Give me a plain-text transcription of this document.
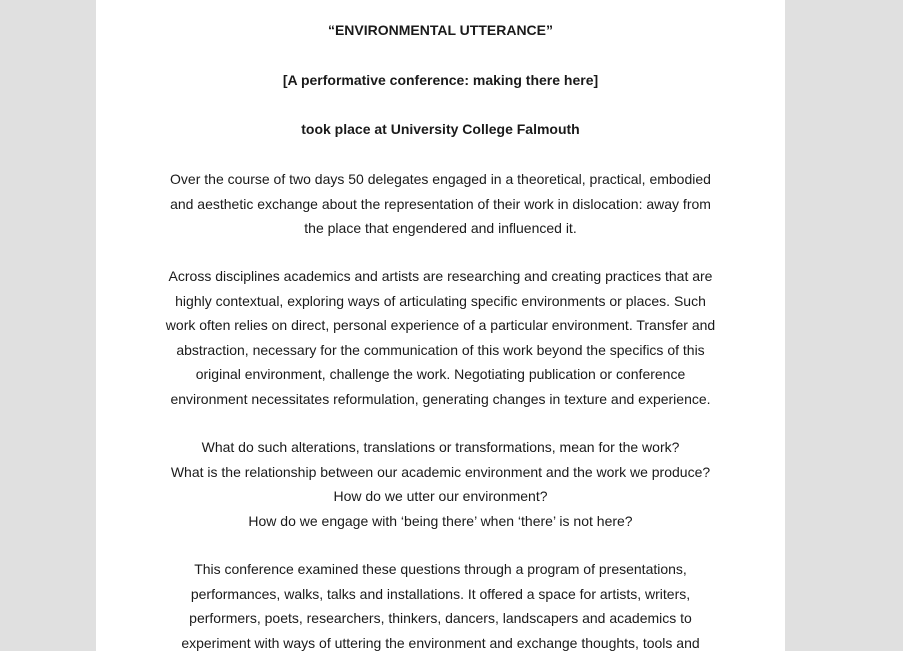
“ENVIRONMENTAL UTTERANCE”

[A performative conference: making there here]

took place at University College Falmouth

Over the course of two days 50 delegates engaged in a theoretical, practical, embodied
and aesthetic exchange about the representation of their work in dislocation: away from
the place that engendered and influenced it.
Across disciplines academics and artists are researching and creating practices that are
highly contextual, exploring ways of articulating specific environments or places. Such
work often relies on direct, personal experience of a particular environment. Transfer and
abstraction, necessary for the communication of this work beyond the specifics of this
original environment, challenge the work. Negotiating publication or conference
environment necessitates reformulation, generating changes in texture and experience.
What do such alterations, translations or transformations, mean for the work?
What is the relationship between our academic environment and the work we produce?
How do we utter our environment?
How do we engage with ‘being there’ when ‘there’ is not here?
This conference examined these questions through a program of presentations,
performances, walks, talks and installations. It offered a space for artists, writers,
performers, poets, researchers, thinkers, dancers, landscapers and academics to
experiment with ways of uttering the environment and exchange thoughts, tools and
